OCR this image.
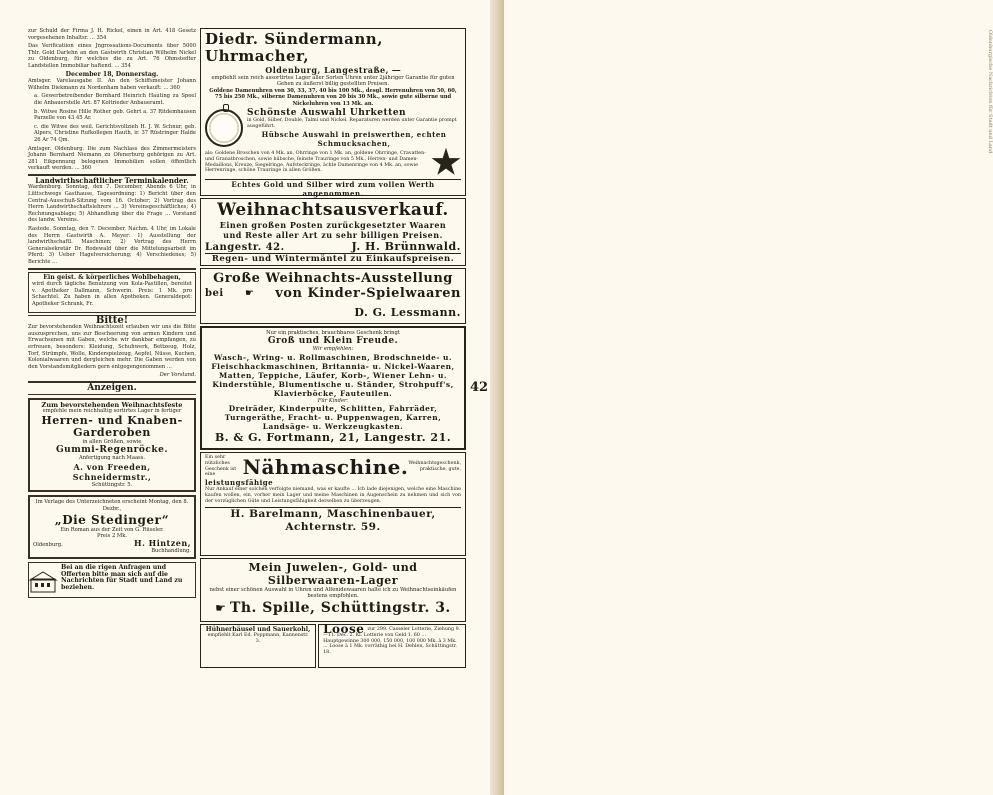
Oldenburgische Nachrichten für Stadt und Land

zur Schuld der Firma J. H. Rickel, einen in Art. 418 Gesetz vorgesehenen Inhaltsr. ... 354

Das Verificatiion eines Jngrossations-Documents über 5000 Thlr. Gold Darlehn an den Gastwirth Christian Wilhelm Nickel zu Oldenburg, für welches die zu Art. 76 Ohmstedter Landstellen Immobiliar haftend. ... 354

December 18, Donnerstag.

Amtsger. Varelausgabe II. An den Schiffsmeister Johann Wilhelm Diekmann zu Nordenham haben verkauft: ... 360

a. Gewerbetreibender Bernhard Heinrich Hauting zu Speel die Anbauerstelle Art. 87 Koltrieder Anbaueramt.

b. Witwe Rosine Hille Rother geb. Gehrt a. 37 Ritdemhausen Parzelle von 43 45 Ar.

c. die Witwe des weil. Gerichtsvollzieh H. J. W. Schnur, geb. Alpers, Christine Rufkollegen Hauth, ir. 37 Rüstringer Halde 26 Ar 74 Qm.

Amtsger. Oldenburg. Die zum Nachlass des Zimmermeisters Johann Bernhard Niemann zu Ofenerburg gehörigen zu Art. 281 Eikpennung belegenen Immobilien sollen öffentlich verkauft werden. ... 360

Landwirthschaftlicher Terminkalender.

Wardenburg. Sonntag, den 7. December, Abends 6 Uhr, in Lüttschwegs Gasthause, Tagesordnung: 1) Bericht über den Central-Ausschuß-Sitzung vom 16. October; 2) Vortrag des Herrn Landwirthschaftslehrers ... 3) Vereinsgeschäftliches; 4) Rechnungsablage; 5) Abhandlung über die Frage ... Vorstand des landw. Vereins.

Rastede. Sonntag, den 7. December, Nachm. 4 Uhr, im Lokale des Herrn Gastwirth A. Meyer: 1) Ausstellung der landwirthschaftl. Maschinen; 2) Vortrag des Herrn Generalsekretär Dr. Rodewald über die Mittelungsarbeit im Pferd; 3) Ueber Hagelversicherung; 4) Verschiedenes; 5) Berichte ...

Ein geist. & körperliches Wohlbehagen,

wird durch tägliche Benutzung von Kola-Pastillen, bereitet v. Apotheker Dallmann, Schwerin. Preis: 1 Mk. pro Schachtel. Zu haben in allen Apotheken. Generaldepot: Apotheker Schrank, Fr.

Bitte!

Zur bevorstehenden Weihnachtszeit erlauben wir uns die Bitte auszusprechen, uns zur Bescheerung von armen Kindern und Erwachsenen mit Gaben, welche wir dankbar empfangen, zu erfreuen, besonders: Kleidung, Schuhwerk, Bettzeug, Holz, Torf, Strümpfe, Wolle, Kinderspielzeug, Aepfel, Nüsse, Kuchen, Kolonialwaaren und dergleichen mehr. Die Gaben werden von den Vorstandsmitgliedern gern entgegengenommen ...

Der Vorstand.
Anzeigen.
Zum bevorstehenden Weihnachtsfeste
empfehle mein reichhaltig sortirtes Lager in fertiger
Herren- und Knaben-
Garderoben
in allen Größen, sowie
Gummi-Regenröcke.
Anfertigung nach Maass.
A. von Freeden, Schneidermstr.,
Schüttingstr. 5.
Im Verlage des Unterzeichneten erscheint Montag, den 8. Dezbr.,
„Die Stedinger“
Ein Roman aus der Zeit von G. Rüseler.
Preis 2 Mk.
Oldenburg.	H. Hintzen,
Buchhandlung.
Bei an die rigen Anfragen und Offerten bitte man sich auf die Nachrichten für Stadt und Land zu beziehen.
Diedr. Sündermann, Uhrmacher,
Oldenburg, Langestraße, ―
empfiehlt sein reich assortirtes Lager aller Sorten Uhren unter 2jähriger Garantie für guten Gehen zu äußerst billig gestellten Preisen.
Goldene Damenuhren von 30, 33, 37, 40 bis 100 Mk., desgl. Herrenuhren von 50, 60, 75 bis 250 Mk., silberne Damenuhren von 20 bis 30 Mk., sowie gute silberne und Nickeluhren von 13 Mk. an.
Schönste Auswahl Uhrketten
in Gold, Silber, Double, Talmi und Nickel. Reparaturen werden unter Garantie prompt ausgeführt.
Hübsche Auswahl in preiswerthen, echten Schmucksachen,
als: Goldene Broschen von 4 Mk. an, Ohrringe von 1 Mk. an, goldene Ohrringe, Cravatten- und Granatbroschen, sowie hübsche, feinste Trauringe von 5 Mk., Herren- und Damen-Medaillons, Kreuze, Siegelringe, Aufsteckringe, ächte Damenringe von 4 Mk. an, sowie Herrenringe, schöne Trauringe in allen Größen.
Echtes Gold und Silber wird zum vollen Werth angenommen.
Weihnachtsausverkauf.
Einen großen Posten zurückgesetzter Waaren
und Reste aller Art zu sehr billigen Preisen.
Langestr. 42.	J. H. Brünnwald.
Regen- und Wintermäntel zu Einkaufspreisen.
Große Weihnachts-Ausstellung
bei ☛ von Kinder-Spielwaaren
D. G. Lessmann.
Nur ein praktisches, brauchbares Geschenk bringt
Groß und Klein Freude.
Wir empfehlen:
Wasch-, Wring- u. Rollmaschinen, Brodschneide- u. Fleischhackmaschinen, Britannia- u. Nickel-Waaren, Matten, Teppiche, Läufer, Korb-, Wiener Lehn- u. Kinderstühle, Blumentische u. Ständer, Strohpuff's, Klavierböcke, Fauteuilen.
Für Kinder:
Dreiräder, Kinderpulte, Schlitten, Fahrräder, Turngeräthe, Fracht- u. Puppenwagen, Karren, Landsäge- u. Werkzeugkasten.
B. & G. Fortmann, 21, Langestr. 21.
Ein sehr nützliches Geschenk ist eine	Nähmaschine. Weihnachtsgeschenk, praktische, gute,
leistungsfähige
Nur Ankauf einer solchen verfolgte niemand, was er kaufte ... Ich lade diejenigen, welche eine Maschine kaufen wollen, ein, vorher mein Lager und meine Maschinen in Augenschein zu nehmen und sich von der vorzüglichen Güte und Leistungsfähigkeit derselben zu überzeugen.
H. Barelmann, Maschinenbauer, Achternstr. 59.
Mein Juwelen-, Gold- und Silberwaaren-Lager
nebst einer schönen Auswahl in Uhren und Alfenidewaaren halte ich zu Weihnachtseinkäufen bestens empfohlen.
☛ Th. Spille, Schüttingstr. 3.
Hühnerhäusel und Sauerkohl,
empfiehlt Karl Ed. Poppmann, Kannenstr. 3.
Loose zur 299. Casseler Lotterie, Ziehung 9.—11. Dec. 2. Kl. Lotterie von Geld 1. 60 ... Hauptgewinne 300 000, 150 000, 100 000 Mk. à 3 Mk. ... Loose à 1 Mk. vorräthig bei H. Dehlen, Schüttingstr. 18.
42
